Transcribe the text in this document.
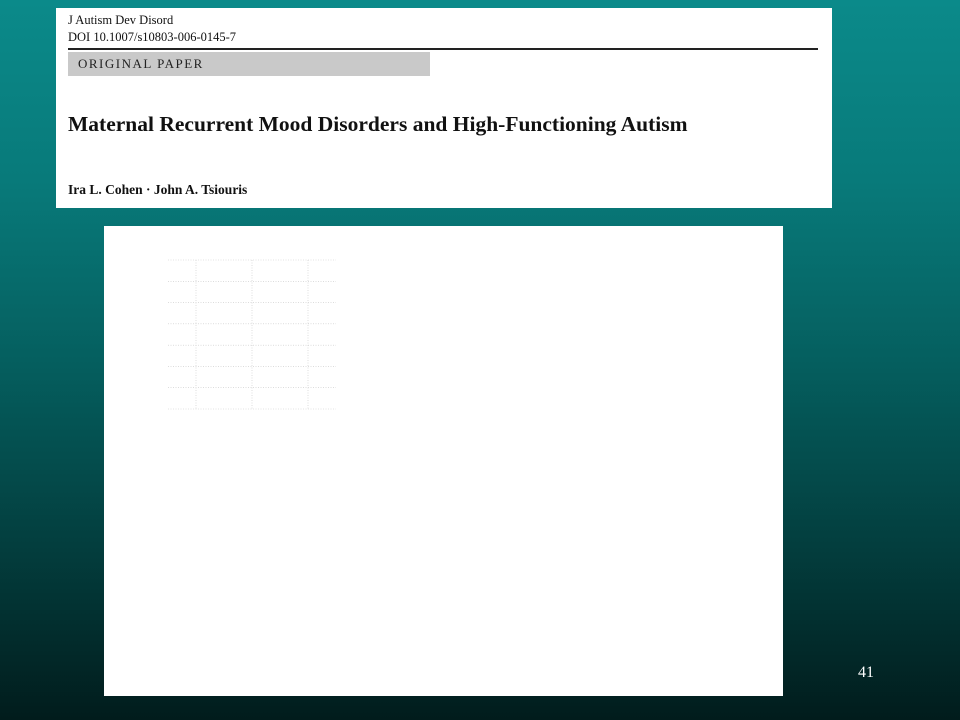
J Autism Dev Disord
DOI 10.1007/s10803-006-0145-7
ORIGINAL PAPER
Maternal Recurrent Mood Disorders and High-Functioning Autism
Ira L. Cohen · John A. Tsiouris
41
